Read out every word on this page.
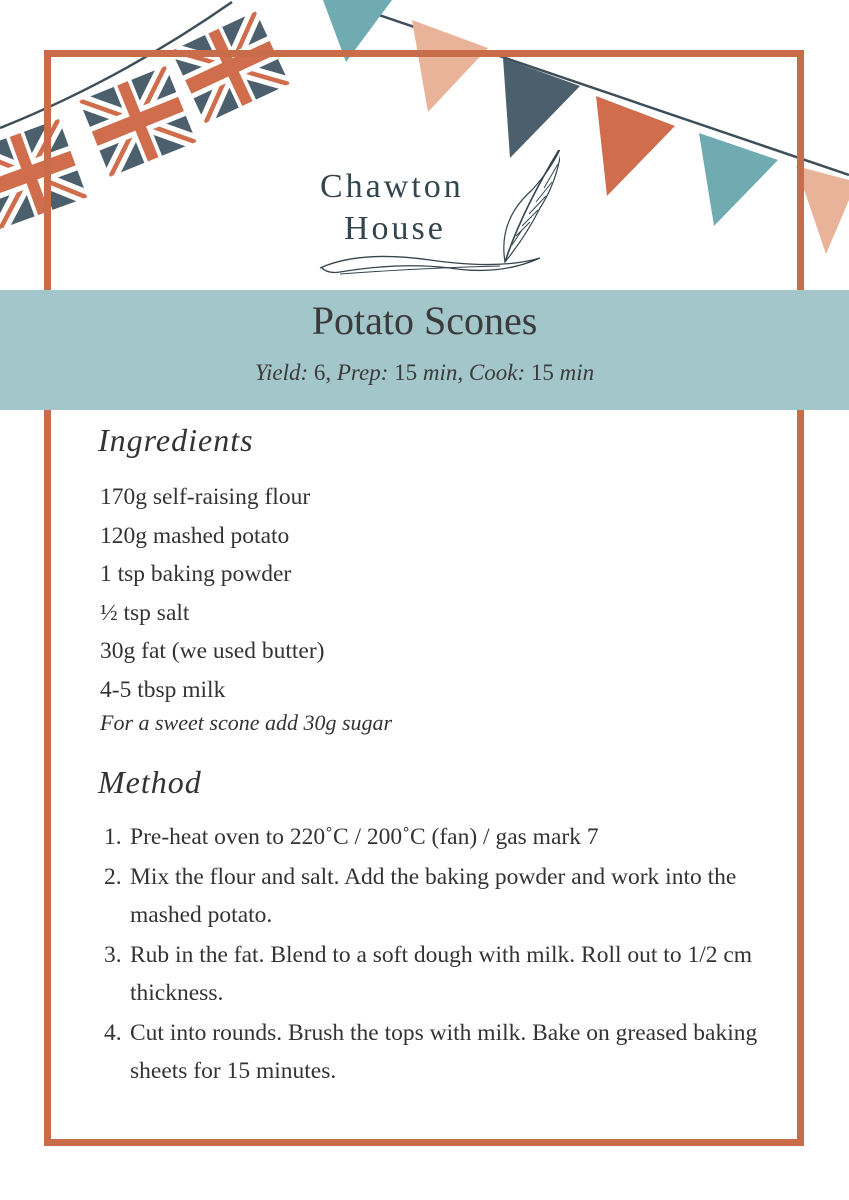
Chawton
House
Potato Scones
Yield: 6, Prep: 15 min, Cook: 15 min
Ingredients
170g self-raising flour
120g mashed potato
1 tsp baking powder
½ tsp salt
30g fat (we used butter)
4-5 tbsp milk
For a sweet scone add 30g sugar
Method
1. Pre-heat oven to 220˚C / 200˚C (fan) / gas mark 7
2. Mix the flour and salt. Add the baking powder and work into the mashed potato.
3. Rub in the fat. Blend to a soft dough with milk. Roll out to 1/2 cm thickness.
4. Cut into rounds. Brush the tops with milk. Bake on greased baking sheets for 15 minutes.
